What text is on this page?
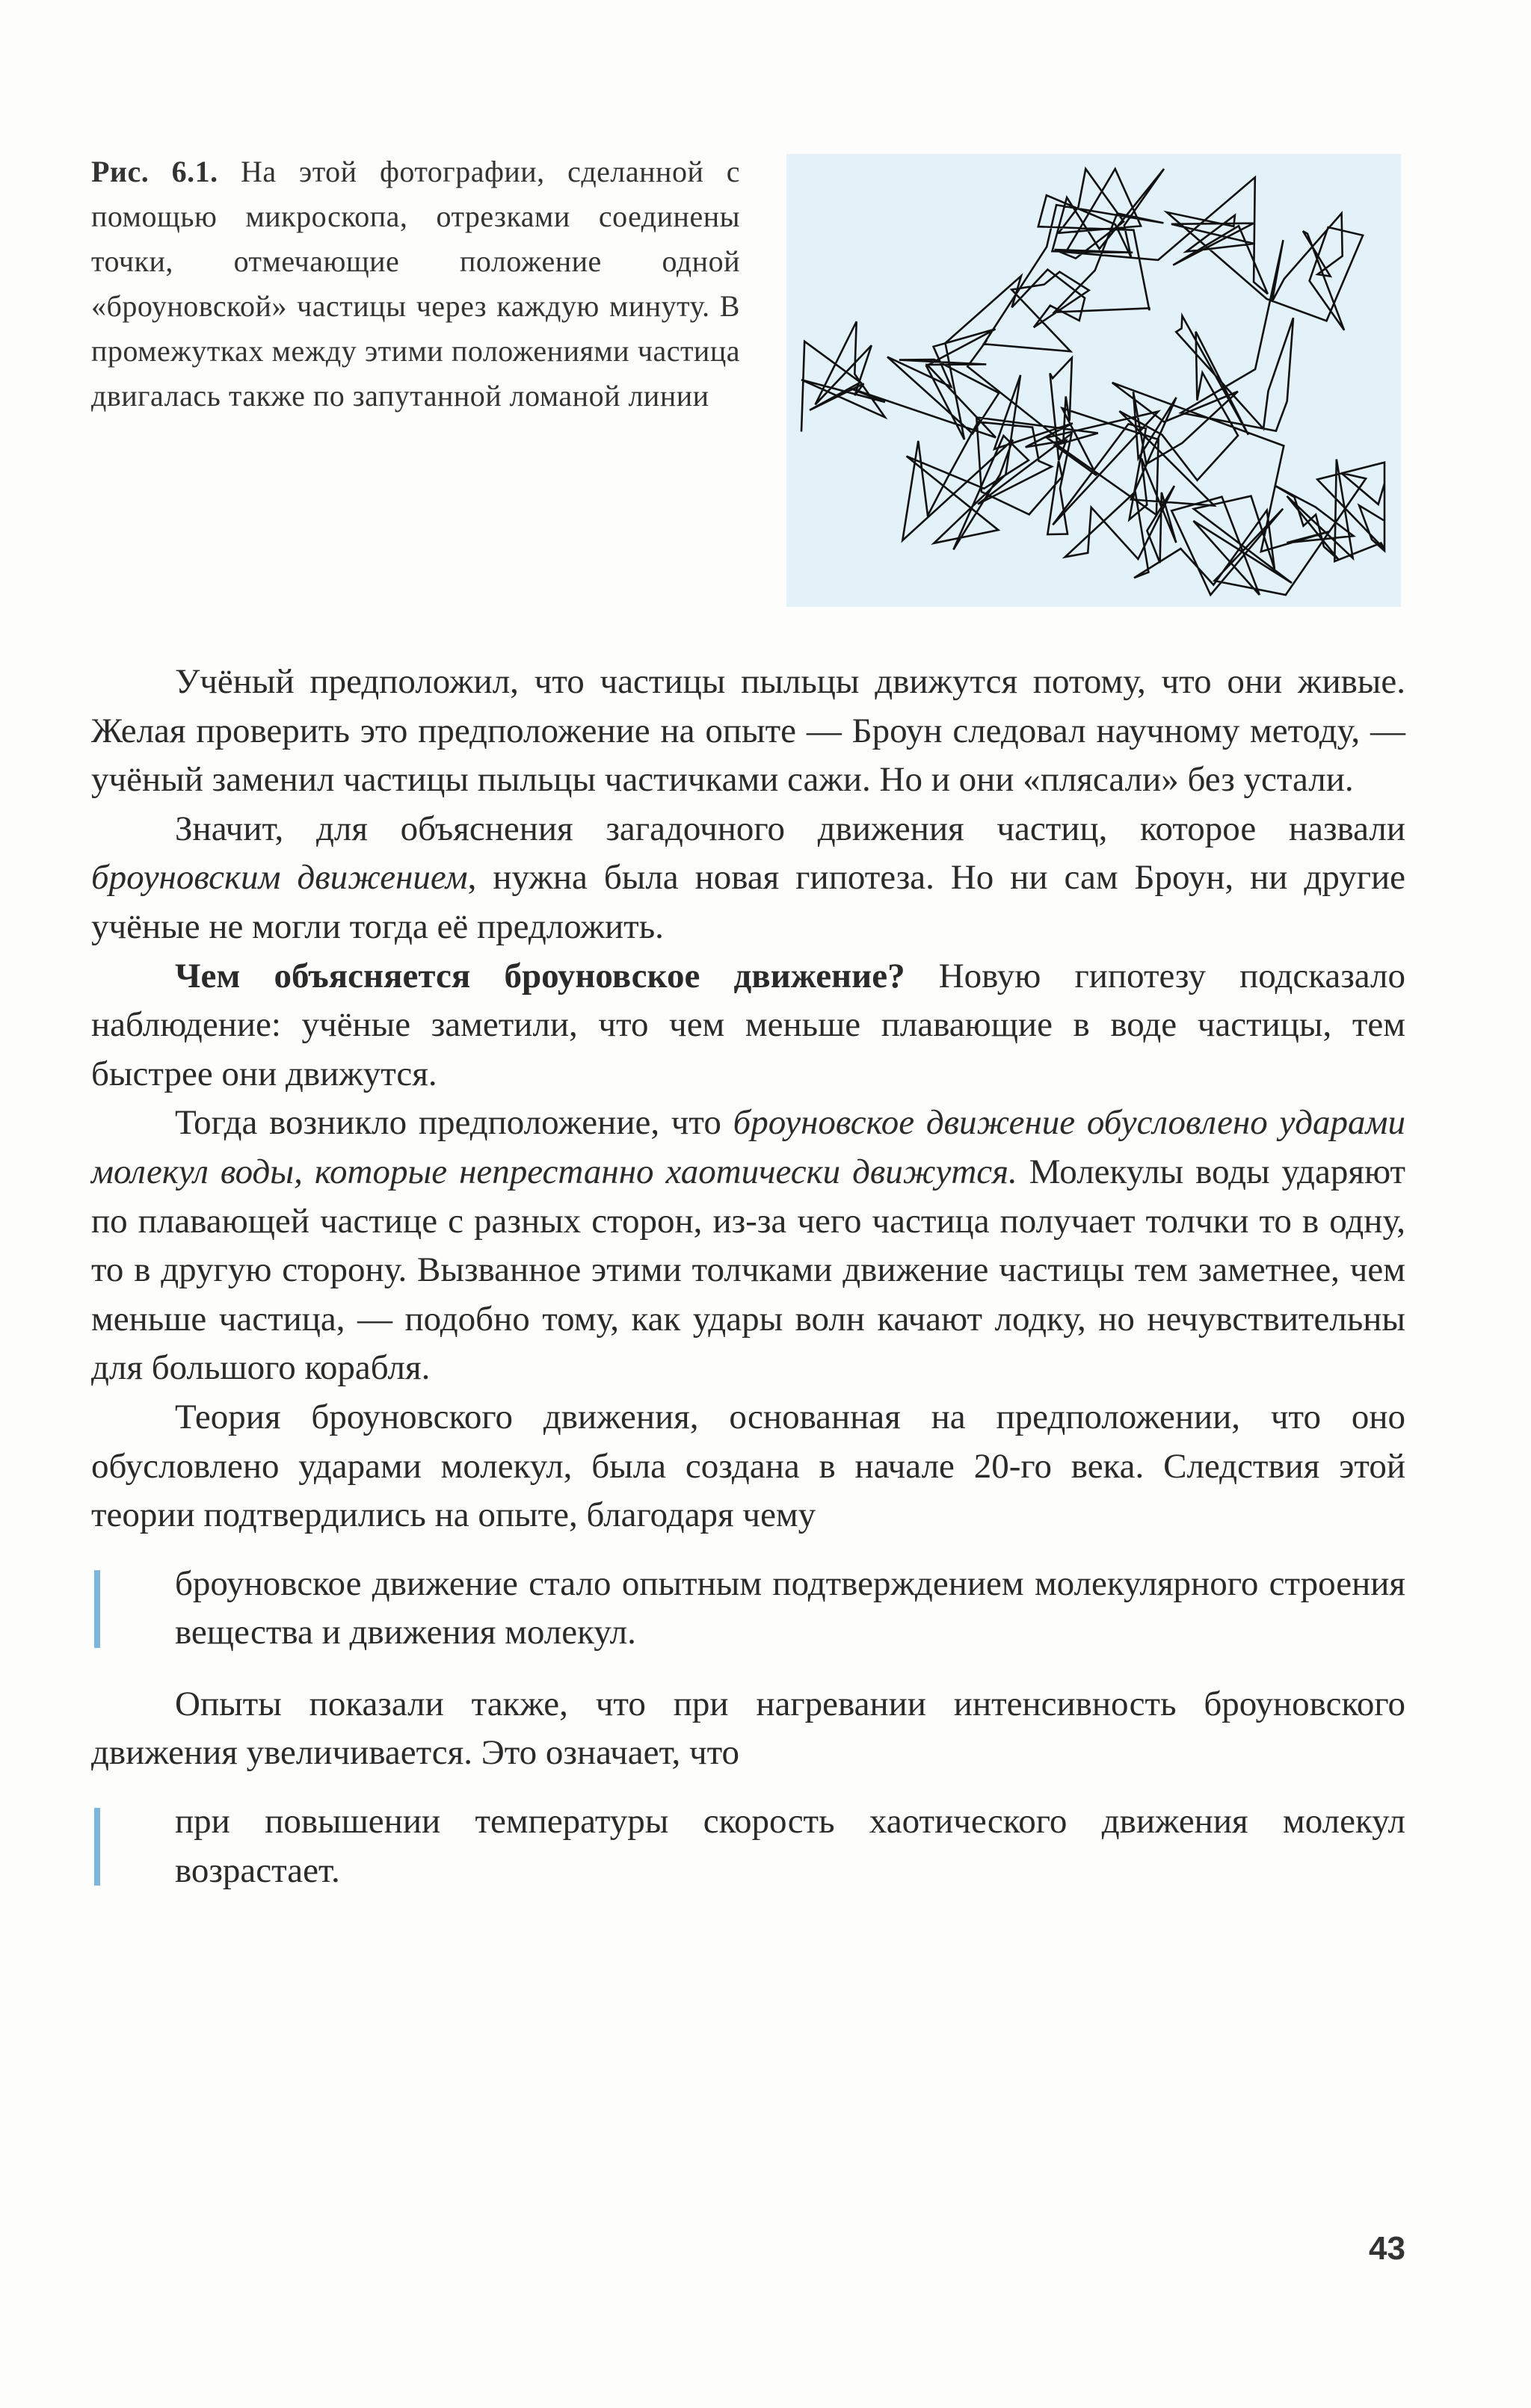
Рис. 6.1. На этой фотографии, сделанной с помощью микроскопа, отрезками соединены точки, отмечающие положение одной «броуновской» частицы через каждую минуту. В промежутках между этими положениями частица двигалась также по запутанной ломаной линии

Учёный предположил, что частицы пыльцы движутся потому, что они живые. Желая проверить это предположение на опыте — Броун следовал научному методу, — учёный заменил частицы пыльцы частичками сажи. Но и они «плясали» без устали.

Значит, для объяснения загадочного движения частиц, которое назвали броуновским движением, нужна была новая гипотеза. Но ни сам Броун, ни другие учёные не могли тогда её предложить.

Чем объясняется броуновское движение? Новую гипотезу подсказало наблюдение: учёные заметили, что чем меньше плавающие в воде частицы, тем быстрее они движутся.

Тогда возникло предположение, что броуновское движение обусловлено ударами молекул воды, которые непрестанно хаотически движутся. Молекулы воды ударяют по плавающей частице с разных сторон, из-за чего частица получает толчки то в одну, то в другую сторону. Вызванное этими толчками движение частицы тем заметнее, чем меньше частица, — подобно тому, как удары волн качают лодку, но нечувствительны для большого корабля.

Теория броуновского движения, основанная на предположении, что оно обусловлено ударами молекул, была создана в начале 20-го века. Следствия этой теории подтвердились на опыте, благодаря чему

броуновское движение стало опытным подтверждением молекулярного строения вещества и движения молекул.

Опыты показали также, что при нагревании интенсивность броуновского движения увеличивается. Это означает, что

при повышении температуры скорость хаотического движения молекул возрастает.

43
